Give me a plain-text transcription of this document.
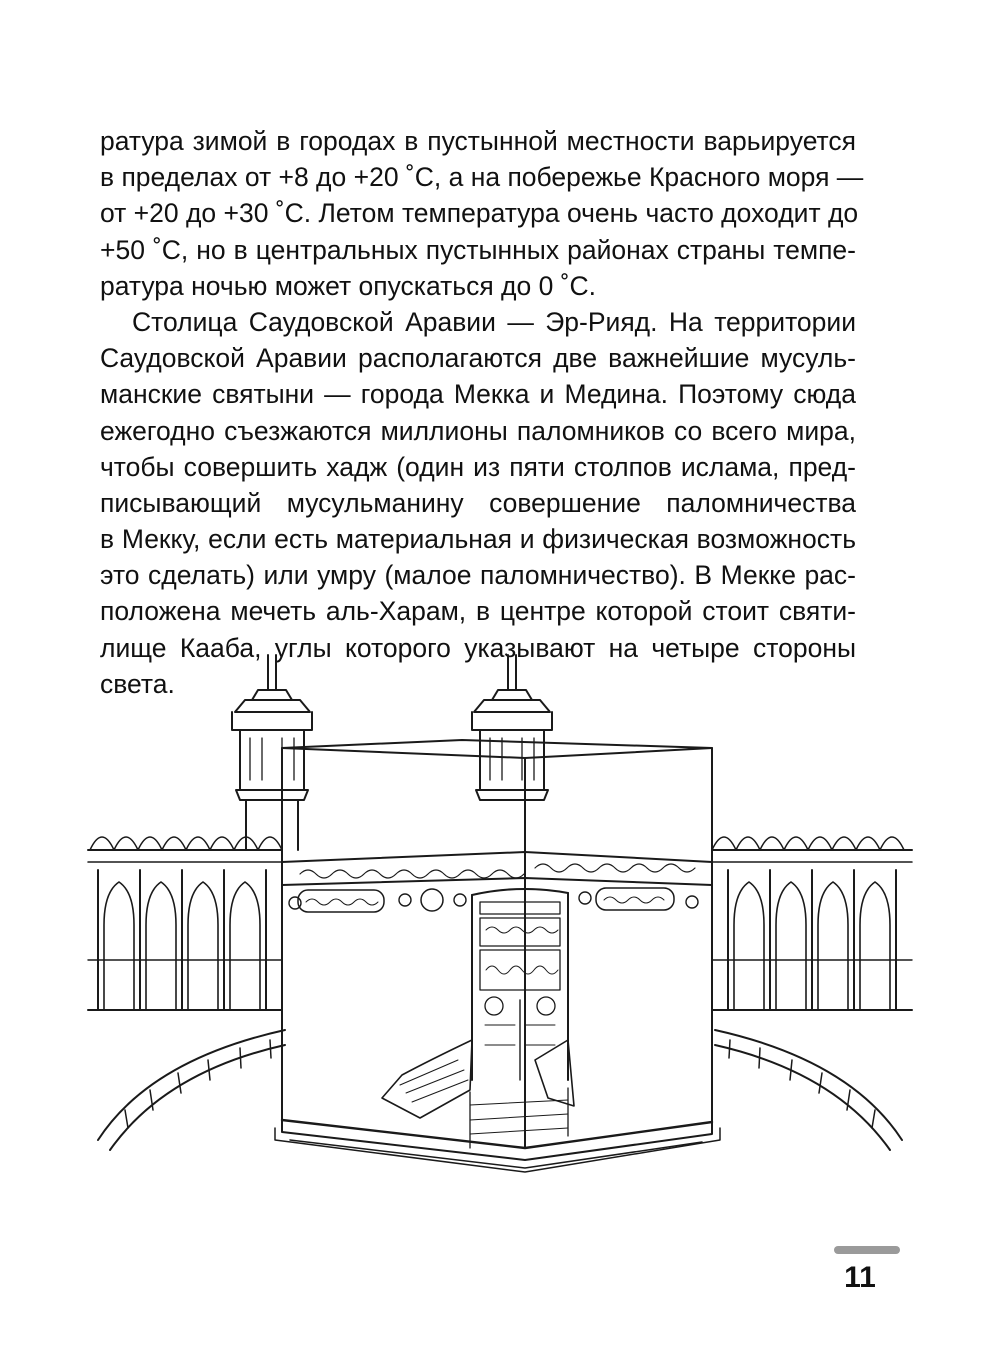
ратура зимой в городах в пустынной местности варьируется
в пределах от +8 до +20 ˚С, а на побережье Красного моря —
от +20 до +30 ˚С. Летом температура очень часто доходит до
+50 ˚С, но в центральных пустынных районах страны темпе-
ратура ночью может опускаться до 0 ˚С.
Столица Саудовской Аравии — Эр-Рияд. На территории
Саудовской Аравии располагаются две важнейшие мусуль-
манские святыни — города Мекка и Медина. Поэтому сюда
ежегодно съезжаются миллионы паломников со всего мира,
чтобы совершить хадж (один из пяти столпов ислама, пред-
писывающий мусульманину совершение паломничества
в Мекку, если есть материальная и физическая возможность
это сделать) или умру (малое паломничество). В Мекке рас-
положена мечеть аль-Харам, в центре которой стоит святи-
лище Кааба, углы которого указывают на четыре стороны
света.
11
